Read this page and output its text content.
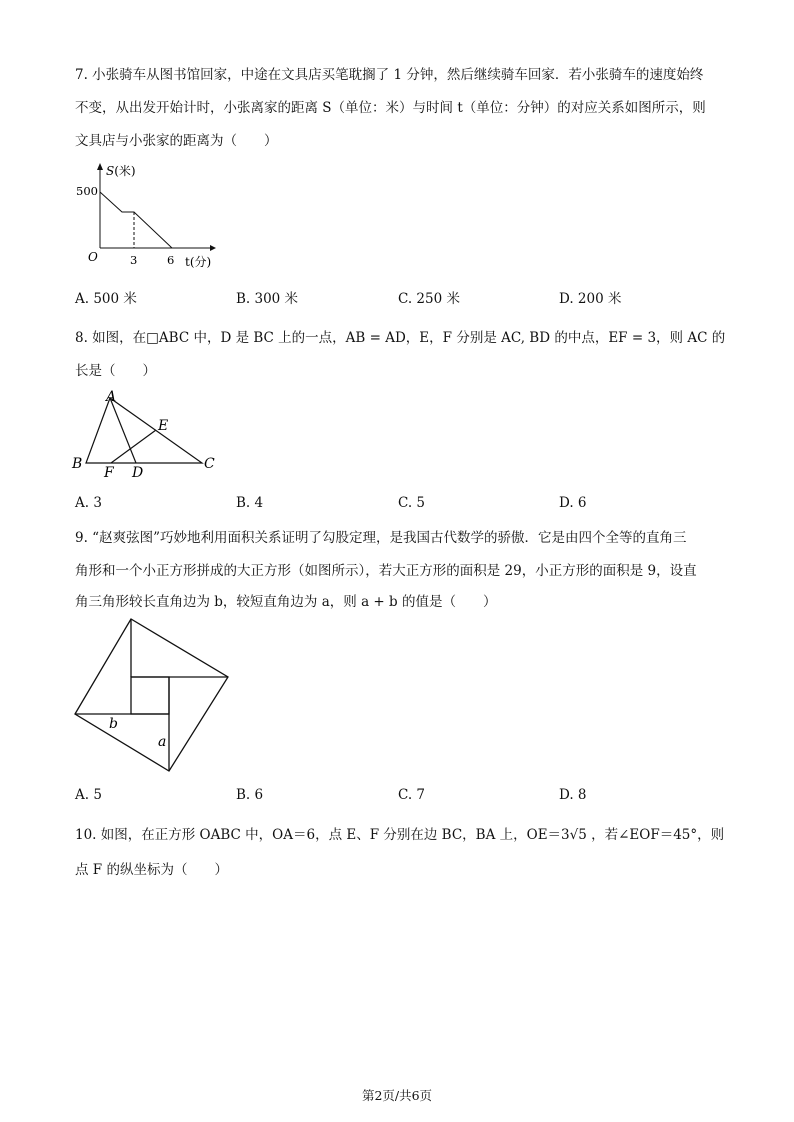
7. 小张骑车从图书馆回家，中途在文具店买笔耽搁了 1 分钟，然后继续骑车回家．若小张骑车的速度始终
不变，从出发开始计时，小张离家的距离 S（单位：米）与时间 t（单位：分钟）的对应关系如图所示，则
文具店与小张家的距离为（　　）
S(米)
500
O	3	6 t(分)
A. 500 米	B. 300 米	C. 250 米	D. 200 米
8. 如图，在□ABC 中，D 是 BC 上的一点，AB = AD，E，F 分别是 AC, BD 的中点，EF = 3，则 AC 的
长是（　　）
A
B	C
D
E
F
A. 3	B. 4	C. 5	D. 6
9. “赵爽弦图”巧妙地利用面积关系证明了勾股定理，是我国古代数学的骄傲．它是由四个全等的直角三
角形和一个小正方形拼成的大正方形（如图所示），若大正方形的面积是 29，小正方形的面积是 9，设直
角三角形较长直角边为 b，较短直角边为 a，则 a + b 的值是（　　）
b
a
A. 5	B. 6	C. 7	D. 8
10. 如图，在正方形 OABC 中，OA＝6，点 E、F 分别在边 BC，BA 上，OE＝3√5 ，若∠EOF＝45°，则
点 F 的纵坐标为（　　）
第2页/共6页
